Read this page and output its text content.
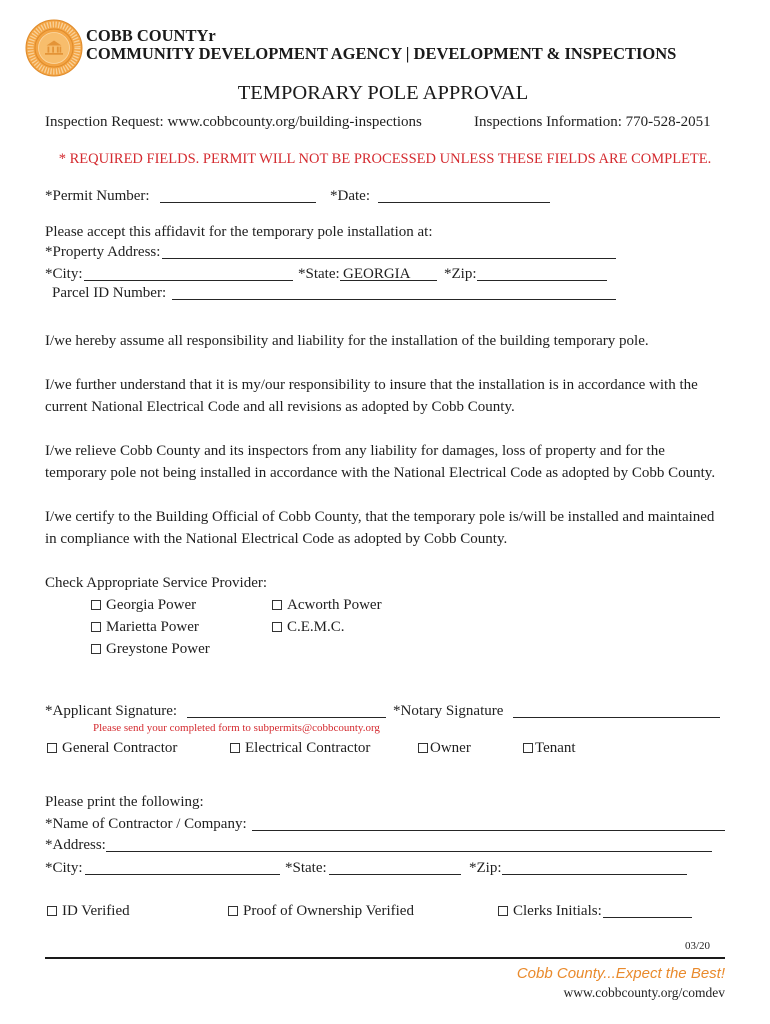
COBB COUNTYr
COMMUNITY DEVELOPMENT AGENCY | DEVELOPMENT & INSPECTIONS
TEMPORARY POLE APPROVAL
Inspection Request: www.cobbcounty.org/building-inspections	Inspections Information: 770-528-2051
* REQUIRED FIELDS. PERMIT WILL NOT BE PROCESSED UNLESS THESE FIELDS ARE COMPLETE.
*Permit Number:	*Date:
Please accept this affidavit for the temporary pole installation at:
*Property Address:
*City:	*State: GEORGIA *Zip:
Parcel ID Number:
I/we hereby assume all responsibility and liability for the installation of the building temporary pole.
I/we further understand that it is my/our responsibility to insure that the installation is in accordance with the
current National Electrical Code and all revisions as adopted by Cobb County.
I/we relieve Cobb County and its inspectors from any liability for damages, loss of property and for the
temporary pole not being installed in accordance with the National Electrical Code as adopted by Cobb County.
I/we certify to the Building Official of Cobb County, that the temporary pole is/will be installed and maintained
in compliance with the National Electrical Code as adopted by Cobb County.
Check Appropriate Service Provider:
Georgia Power	Acworth Power
Marietta Power	C.E.M.C.
Greystone Power
*Applicant Signature:	*Notary Signature
Please send your completed form to subpermits@cobbcounty.org
General Contractor	Electrical Contractor	Owner	Tenant
Please print the following:
*Name of Contractor / Company:
*Address:
*City:	*State:	*Zip:
ID Verified	Proof of Ownership Verified	Clerks Initials:
03/20
Cobb County...Expect the Best!
www.cobbcounty.org/comdev
